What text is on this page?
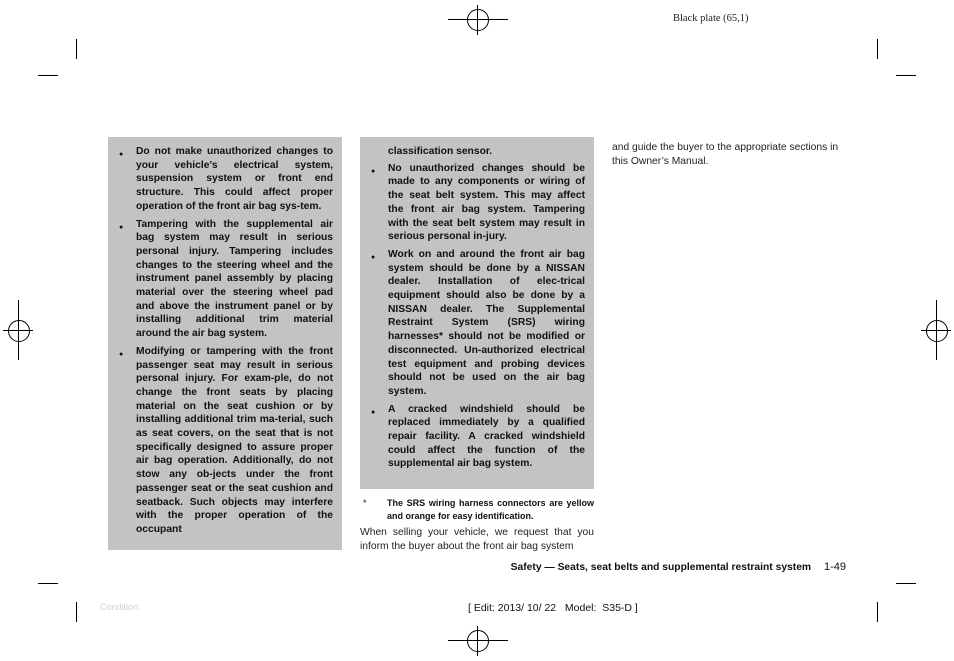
Black plate (65,1)
● Do not make unauthorized changes to your vehicle’s electrical system, suspension system or front end structure. This could affect proper operation of the front air bag sys-tem.
● Tampering with the supplemental air bag system may result in serious personal injury. Tampering includes changes to the steering wheel and the instrument panel assembly by placing material over the steering wheel pad and above the instrument panel or by installing additional trim material around the air bag system.
● Modifying or tampering with the front passenger seat may result in serious personal injury. For exam-ple, do not change the front seats by placing material on the seat cushion or by installing additional trim ma-terial, such as seat covers, on the seat that is not specifically designed to assure proper air bag operation. Additionally, do not stow any ob-jects under the front passenger seat or the seat cushion and seatback. Such objects may interfere with the proper operation of the occupant
classification sensor.
● No unauthorized changes should be made to any components or wiring of the seat belt system. This may affect the front air bag system. Tampering with the seat belt system may result in serious personal in-jury.
● Work on and around the front air bag system should be done by a NISSAN dealer. Installation of elec-trical equipment should also be done by a NISSAN dealer. The Supplemental Restraint System (SRS) wiring harnesses* should not be modified or disconnected. Un-authorized electrical test equipment and probing devices should not be used on the air bag system.
● A cracked windshield should be replaced immediately by a qualified repair facility. A cracked windshield could affect the function of the supplemental air bag system.
*	The SRS wiring harness connectors are yellow and orange for easy identification.
When selling your vehicle, we request that you inform the buyer about the front air bag system
and guide the buyer to the appropriate sections in this Owner’s Manual.
Safety — Seats, seat belts and supplemental restraint system 1-49
Condition:	[ Edit: 2013/ 10/ 22   Model:  S35-D ]
